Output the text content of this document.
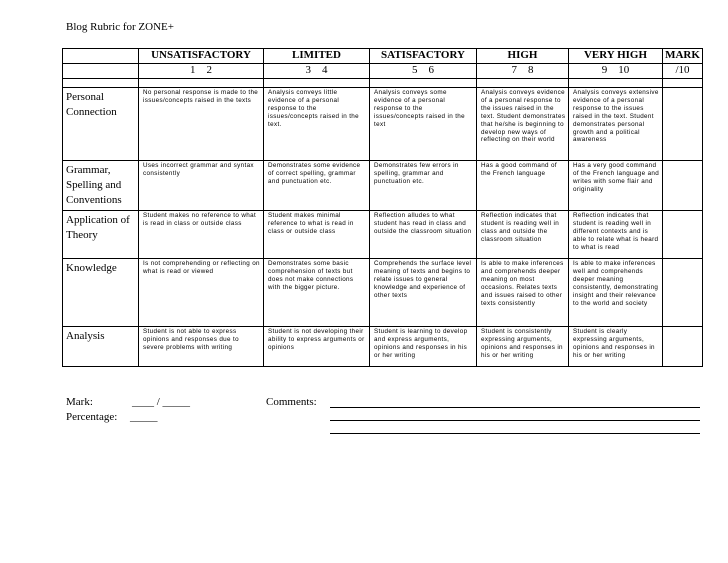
Blog Rubric for ZONE+
	UNSATISFACTORY	LIMITED	SATISFACTORY	HIGH	VERY HIGH	MARK
	1    2	3    4	5    6	7    8	9    10	/10

Personal Connection	No personal response is made to the issues/concepts raised in the texts	Analysis conveys little evidence of a personal response to the issues/concepts raised in the text.	Analysis conveys some evidence of a personal response to the issues/concepts raised in the text	Analysis conveys evidence of a personal response to the issues raised in the text. Student demonstrates that he/she is beginning to develop new ways of reflecting on their world	Analysis conveys extensive evidence of a personal response to the issues raised in the text. Student demonstrates personal growth and a political awareness	
Grammar, Spelling and Conventions	Uses incorrect grammar and syntax consistently	Demonstrates some evidence of correct spelling, grammar and punctuation etc.	Demonstrates few errors in spelling, grammar and punctuation etc.	Has a good command of the French language	Has a very good command of the French language and writes with some flair and originality	
Application of Theory	Student makes no reference to what is read in class or outside class	Student makes minimal reference to what is read in class or outside class	Reflection alludes to what student has read in class and outside the classroom situation	Reflection indicates that student is reading well in class and outside the classroom situation	Reflection indicates that student is reading well in different contexts and is able to relate what is heard to what is read	
Knowledge	Is not comprehending or reflecting on what is read or viewed	Demonstrates some basic comprehension of texts but does not make connections with the bigger picture.	Comprehends the surface level meaning of texts and begins to relate issues to general knowledge and experience of other texts	Is able to make inferences and comprehends deeper meaning on most occasions. Relates texts and issues raised to other texts consistently	Is able to make inferences well and comprehends deeper meaning consistently, demonstrating insight and their relevance to the world and society	
Analysis	Student is not able to express opinions and responses due to severe problems with writing	Student is not developing their ability to express arguments or opinions	Student is learning to develop and express arguments, opinions and responses in his or her writing	Student is consistently expressing arguments, opinions and responses in his or her writing	Student is clearly expressing arguments, opinions and responses in his or her writing	
Mark:	____ / _____
Percentage: _____
Comments:
